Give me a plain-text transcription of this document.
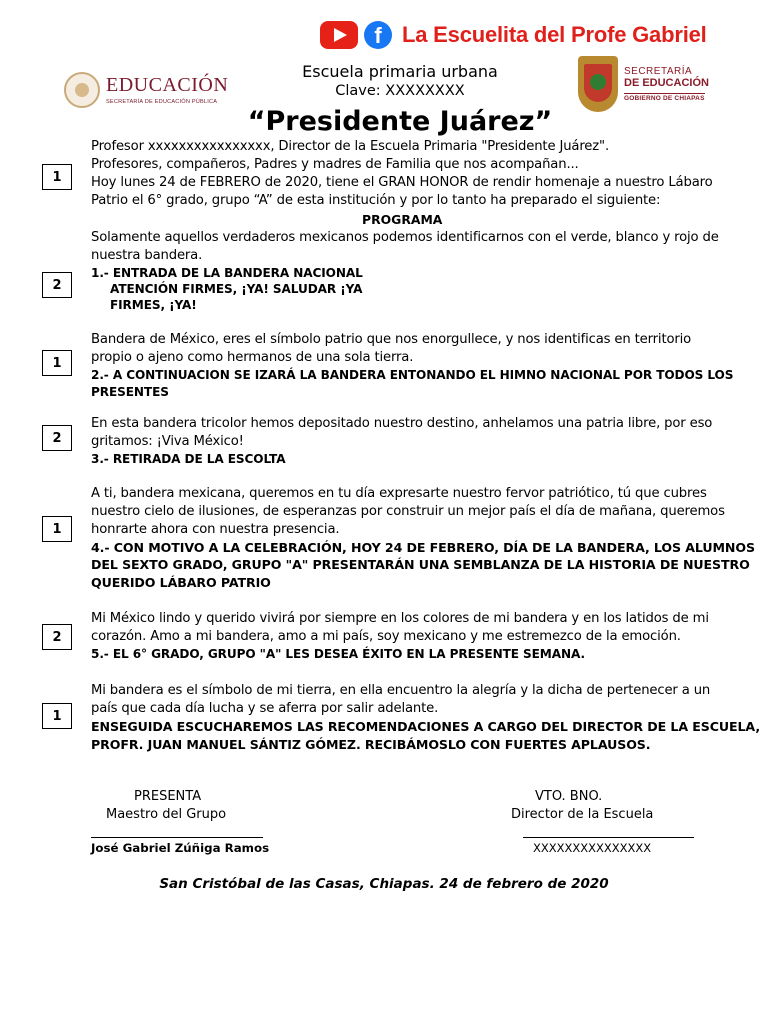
f La Escuelita del Profe Gabriel
EDUCACIÓN
SECRETARÍA DE EDUCACIÓN PÚBLICA
Escuela primaria urbana
Clave: XXXXXXXX
“Presidente Juárez”
SECRETARÍA
DE EDUCACIÓN
GOBIERNO DE CHIAPAS
1
2
1
2
1
2
1
Profesor xxxxxxxxxxxxxxxx, Director de la Escuela Primaria "Presidente Juárez".
Profesores, compañeros, Padres y madres de Familia que nos acompañan...
Hoy lunes 24 de FEBRERO de 2020, tiene el GRAN HONOR de rendir homenaje a nuestro Lábaro
Patrio el 6° grado, grupo “A” de esta institución y por lo tanto ha preparado el siguiente:
PROGRAMA
Solamente aquellos verdaderos mexicanos podemos identificarnos con el verde, blanco y rojo de
nuestra bandera.
1.- ENTRADA DE LA BANDERA NACIONAL
ATENCIÓN FIRMES, ¡YA! SALUDAR ¡YA
FIRMES, ¡YA!
Bandera de México, eres el símbolo patrio que nos enorgullece, y nos identificas en territorio
propio o ajeno como hermanos de una sola tierra.
2.- A CONTINUACION SE IZARÁ LA BANDERA ENTONANDO EL HIMNO NACIONAL POR TODOS LOS
PRESENTES
En esta bandera tricolor hemos depositado nuestro destino, anhelamos una patria libre, por eso
gritamos: ¡Viva México!
3.- RETIRADA DE LA ESCOLTA
A ti, bandera mexicana, queremos en tu día expresarte nuestro fervor patriótico, tú que cubres
nuestro cielo de ilusiones, de esperanzas por construir un mejor país el día de mañana, queremos
honrarte ahora con nuestra presencia.
4.- CON MOTIVO A LA CELEBRACIÓN, HOY 24 DE FEBRERO, DÍA DE LA BANDERA, LOS ALUMNOS
DEL SEXTO GRADO, GRUPO "A" PRESENTARÁN UNA SEMBLANZA DE LA HISTORIA DE NUESTRO
QUERIDO LÁBARO PATRIO
Mi México lindo y querido vivirá por siempre en los colores de mi bandera y en los latidos de mi
corazón. Amo a mi bandera, amo a mi país, soy mexicano y me estremezco de la emoción.
5.- EL 6° GRADO, GRUPO "A" LES DESEA ÉXITO EN LA PRESENTE SEMANA.
Mi bandera es el símbolo de mi tierra, en ella encuentro la alegría y la dicha de pertenecer a un
país que cada día lucha y se aferra por salir adelante.
ENSEGUIDA ESCUCHAREMOS LAS RECOMENDACIONES A CARGO DEL DIRECTOR DE LA ESCUELA,
PROFR. JUAN MANUEL SÁNTIZ GÓMEZ. RECIBÁMOSLO CON FUERTES APLAUSOS.
PRESENTA
Maestro del Grupo
José Gabriel Zúñiga Ramos
VTO. BNO.
Director de la Escuela
XXXXXXXXXXXXXXX
San Cristóbal de las Casas, Chiapas. 24 de febrero de 2020
